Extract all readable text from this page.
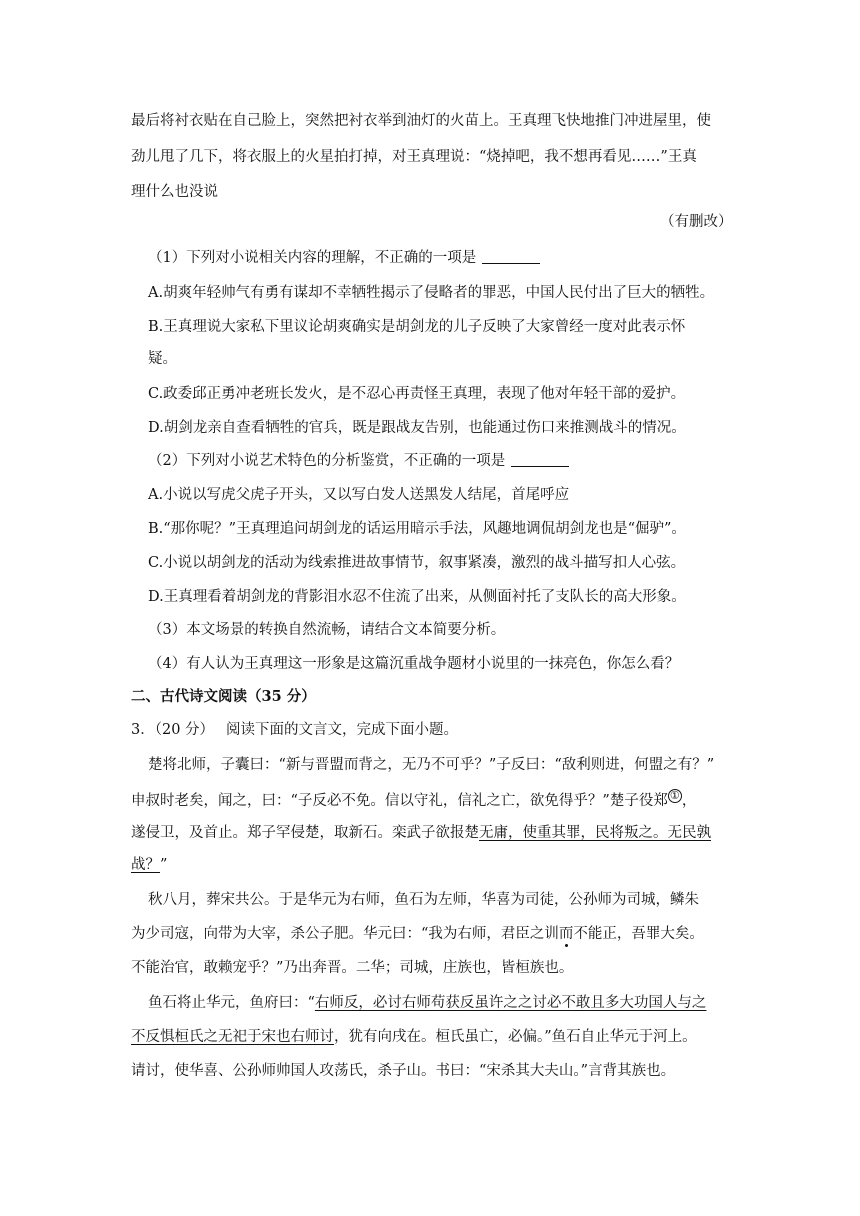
最后将衬衣贴在自己脸上，突然把衬衣举到油灯的火苗上。王真理飞快地推门冲进屋里，使
劲儿甩了几下，将衣服上的火星拍打掉，对王真理说：“烧掉吧，我不想再看见……”王真
理什么也没说
（有删改）
（1）下列对小说相关内容的理解，不正确的一项是
A.胡爽年轻帅气有勇有谋却不幸牺牲揭示了侵略者的罪恶，中国人民付出了巨大的牺牲。
B.王真理说大家私下里议论胡爽确实是胡剑龙的儿子反映了大家曾经一度对此表示怀
疑。
C.政委邱正勇冲老班长发火，是不忍心再责怪王真理，表现了他对年轻干部的爱护。
D.胡剑龙亲自查看牺牲的官兵，既是跟战友告别，也能通过伤口来推测战斗的情况。
（2）下列对小说艺术特色的分析鉴赏，不正确的一项是
A.小说以写虎父虎子开头，又以写白发人送黑发人结尾，首尾呼应
B.“那你呢？”王真理追问胡剑龙的话运用暗示手法，风趣地调侃胡剑龙也是“倔驴”。
C.小说以胡剑龙的活动为线索推进故事情节，叙事紧凑，激烈的战斗描写扣人心弦。
D.王真理看着胡剑龙的背影泪水忍不住流了出来，从侧面衬托了支队长的高大形象。
（3）本文场景的转换自然流畅，请结合文本简要分析。
（4）有人认为王真理这一形象是这篇沉重战争题材小说里的一抹亮色，你怎么看？
二、古代诗文阅读（35 分）
3．（20 分） 阅读下面的文言文，完成下面小题。
楚将北师，子囊曰：“新与晋盟而背之，无乃不可乎？”子反曰：“敌利则进，何盟之有？”
申叔时老矣，闻之，曰：“子反必不免。信以守礼，信礼之亡，欲免得乎？”楚子役郑 ① ，
遂侵卫，及首止。郑子罕侵楚，取新石。栾武子欲报楚无庸，使重其罪，民将叛之。无民孰
战？”
秋八月，葬宋共公。于是华元为右师，鱼石为左师，华喜为司徒，公孙师为司城，鳞朱
为少司寇，向带为大宰，杀公子肥。华元曰：“我为右师，君臣之训而不能正，吾罪大矣。
不能治官，敢赖宠乎？”乃出奔晋。二华；司城，庄族也，皆桓族也。
鱼石将止华元，鱼府曰：“右师反，必讨右师苟获反虽许之之讨必不敢且多大功国人与之
不反惧桓氏之无祀于宋也右师讨，犹有向戌在。桓氏虽亡，必偏。”鱼石自止华元于河上。
请讨，使华喜、公孙师帅国人攻荡氏，杀子山。书曰：“宋杀其大夫山。”言背其族也。
